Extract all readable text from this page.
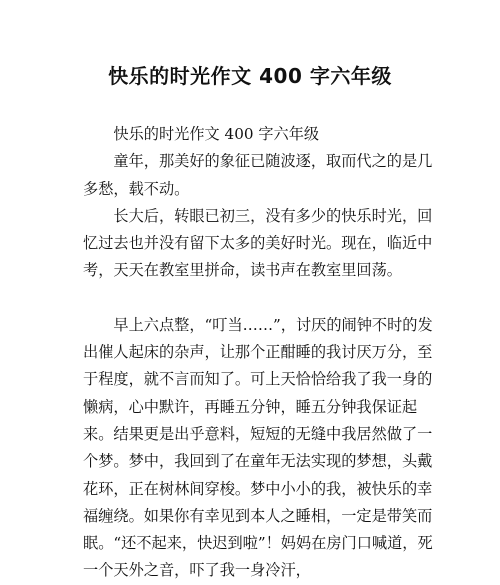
快乐的时光作文 400 字六年级

快乐的时光作文 400 字六年级

童年，那美好的象征已随波逐，取而代之的是几多愁，载不动。

长大后，转眼已初三，没有多少的快乐时光，回忆过去也并没有留下太多的美好时光。现在，临近中考，天天在教室里拼命，读书声在教室里回荡。

早上六点整，“叮当……”，讨厌的闹钟不时的发出催人起床的杂声，让那个正酣睡的我讨厌万分，至于程度，就不言而知了。可上天恰恰给我了我一身的懒病，心中默许，再睡五分钟，睡五分钟我保证起来。结果更是出乎意料，短短的无缝中我居然做了一个梦。梦中，我回到了在童年无法实现的梦想，头戴花环，正在树林间穿梭。梦中小小的我，被快乐的幸福缠绕。如果你有幸见到本人之睡相，一定是带笑而眠。“还不起来，快迟到啦”！妈妈在房门口喊道，死一个天外之音，吓了我一身冷汗，
